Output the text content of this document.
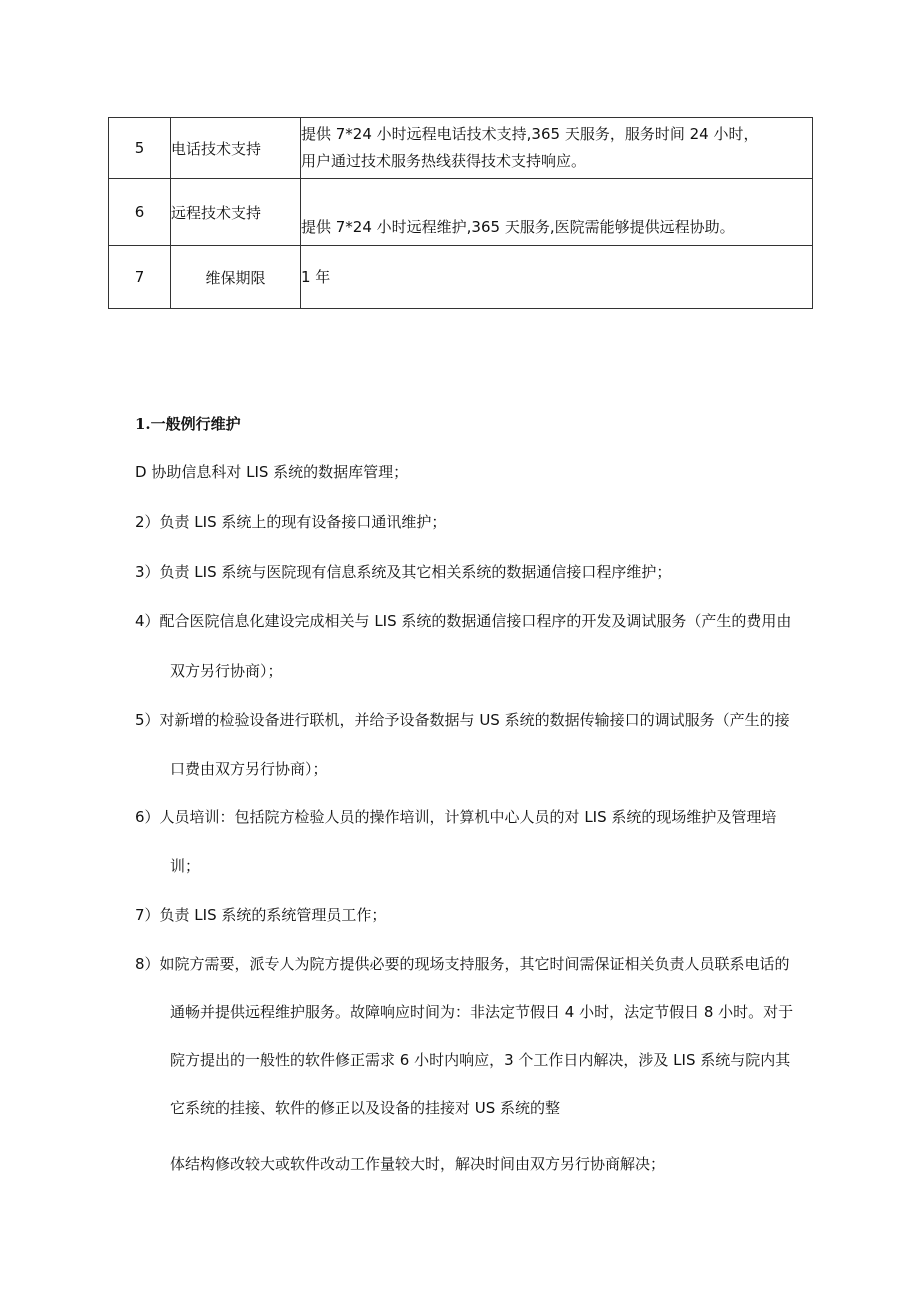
5	电话技术支持	提供 7*24 小时远程电话技术支持,365 天服务，服务时间 24 小时，
用户通过技术服务热线获得技术支持响应。

6	远程技术支持	提供 7*24 小时远程维护,365 天服务,医院需能够提供远程协助。

7	维保期限	1 年
1.一般例行维护
D 协助信息科对 LIS 系统的数据库管理；
2）负责 LIS 系统上的现有设备接口通讯维护；
3）负责 LIS 系统与医院现有信息系统及其它相关系统的数据通信接口程序维护；
4）配合医院信息化建设完成相关与 LIS 系统的数据通信接口程序的开发及调试服务（产生的费用由
双方另行协商）；
5）对新增的检验设备进行联机，并给予设备数据与 US 系统的数据传输接口的调试服务（产生的接
口费由双方另行协商）；
6）人员培训：包括院方检验人员的操作培训，计算机中心人员的对 LIS 系统的现场维护及管理培
训；
7）负责 LIS 系统的系统管理员工作；
8）如院方需要，派专人为院方提供必要的现场支持服务，其它时间需保证相关负责人员联系电话的
通畅并提供远程维护服务。故障响应时间为：非法定节假日 4 小时，法定节假日 8 小时。对于
院方提出的一般性的软件修正需求 6 小时内响应，3 个工作日内解决，涉及 LIS 系统与院内其
它系统的挂接、软件的修正以及设备的挂接对 US 系统的整
体结构修改较大或软件改动工作量较大时，解决时间由双方另行协商解决；
